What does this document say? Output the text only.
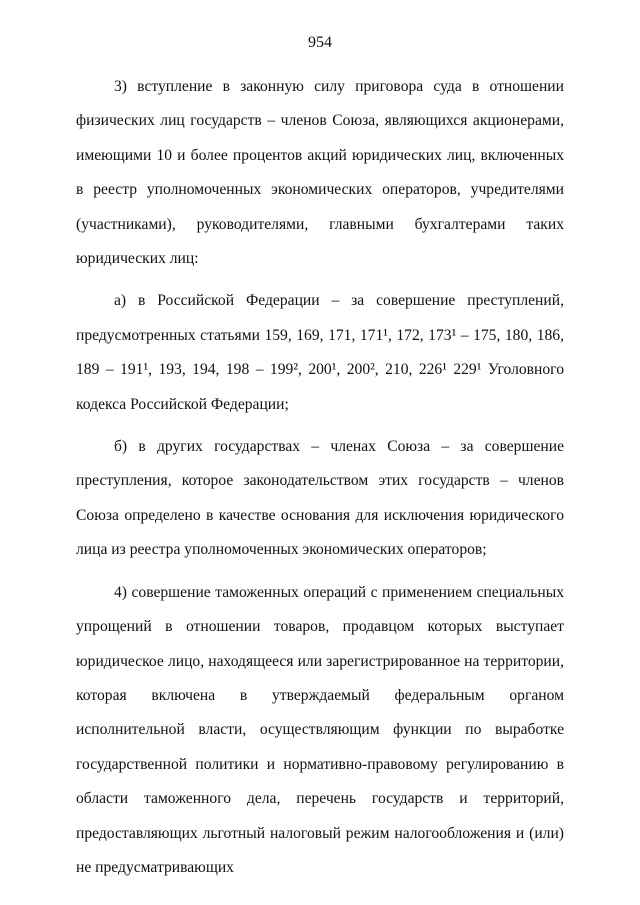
954

3) вступление в законную силу приговора суда в отношении физических лиц государств – членов Союза, являющихся акционерами, имеющими 10 и более процентов акций юридических лиц, включенных в реестр уполномоченных экономических операторов, учредителями (участниками), руководителями, главными бухгалтерами таких юридических лиц:

а) в Российской Федерации – за совершение преступлений, предусмотренных статьями 159, 169, 171, 171¹, 172, 173¹ – 175, 180, 186, 189 – 191¹, 193, 194, 198 – 199², 200¹, 200², 210, 226¹ 229¹ Уголовного кодекса Российской Федерации;

б) в других государствах – членах Союза – за совершение преступления, которое законодательством этих государств – членов Союза определено в качестве основания для исключения юридического лица из реестра уполномоченных экономических операторов;

4) совершение таможенных операций с применением специальных упрощений в отношении товаров, продавцом которых выступает юридическое лицо, находящееся или зарегистрированное на территории, которая включена в утверждаемый федеральным органом исполнительной власти, осуществляющим функции по выработке государственной политики и нормативно-правовому регулированию в области таможенного дела, перечень государств и территорий, предоставляющих льготный налоговый режим налогообложения и (или) не предусматривающих
